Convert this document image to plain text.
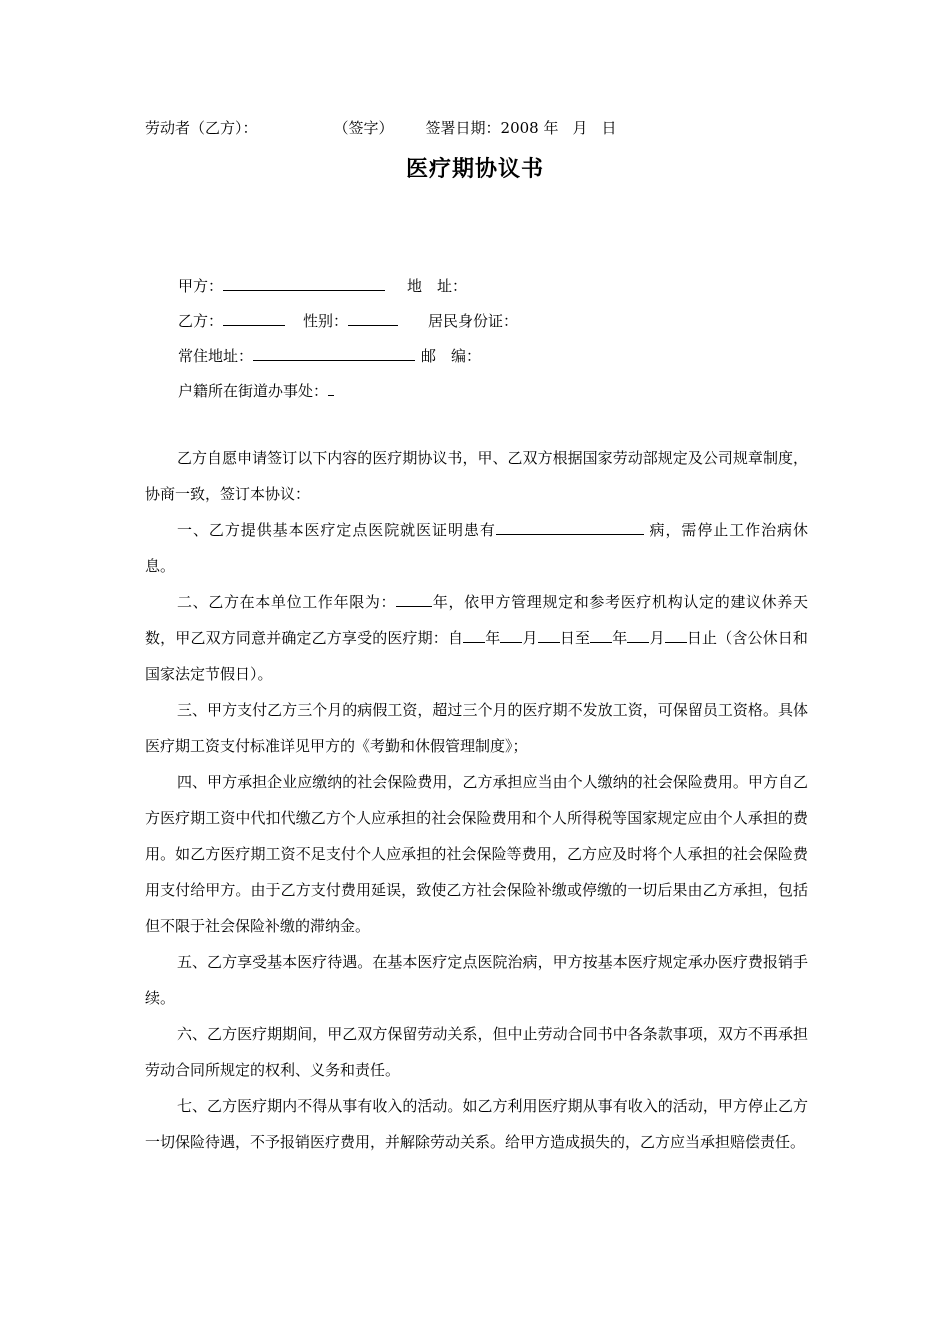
劳动者（乙方）：	（签字） 签署日期：2008 年 月 日
医疗期协议书
甲方：	地　址：
乙方：	性别：	居民身份证：
常住地址：	邮　编：
户籍所在街道办事处：
乙方自愿申请签订以下内容的医疗期协议书，甲、乙双方根据国家劳动部规定及公司规章制度，协商一致，签订本协议：
一、乙方提供基本医疗定点医院就医证明患有	病，需停止工作治病休息。
二、乙方在本单位工作年限为： 年，依甲方管理规定和参考医疗机构认定的建议休养天数，甲乙双方同意并确定乙方享受的医疗期：自 年 月 日至 年 月 日止（含公休日和国家法定节假日）。
三、甲方支付乙方三个月的病假工资，超过三个月的医疗期不发放工资，可保留员工资格。具体医疗期工资支付标准详见甲方的《考勤和休假管理制度》；
四、甲方承担企业应缴纳的社会保险费用，乙方承担应当由个人缴纳的社会保险费用。甲方自乙方医疗期工资中代扣代缴乙方个人应承担的社会保险费用和个人所得税等国家规定应由个人承担的费用。如乙方医疗期工资不足支付个人应承担的社会保险等费用，乙方应及时将个人承担的社会保险费用支付给甲方。由于乙方支付费用延误，致使乙方社会保险补缴或停缴的一切后果由乙方承担，包括但不限于社会保险补缴的滞纳金。
五、乙方享受基本医疗待遇。在基本医疗定点医院治病，甲方按基本医疗规定承办医疗费报销手续。
六、乙方医疗期期间，甲乙双方保留劳动关系，但中止劳动合同书中各条款事项，双方不再承担劳动合同所规定的权利、义务和责任。
七、乙方医疗期内不得从事有收入的活动。如乙方利用医疗期从事有收入的活动，甲方停止乙方一切保险待遇，不予报销医疗费用，并解除劳动关系。给甲方造成损失的，乙方应当承担赔偿责任。
